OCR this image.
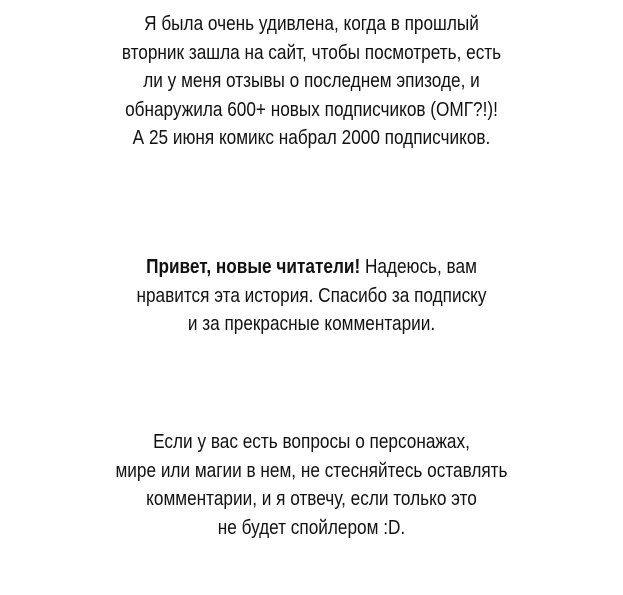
Я была очень удивлена, когда в прошлый
вторник зашла на сайт, чтобы посмотреть, есть
ли у меня отзывы о последнем эпизоде, и
обнаружила 600+ новых подписчиков (ОМГ?!)!
А 25 июня комикс набрал 2000 подписчиков.
Привет, новые читатели! Надеюсь, вам
нравится эта история. Спасибо за подписку
и за прекрасные комментарии.
Если у вас есть вопросы о персонажах,
мире или магии в нем, не стесняйтесь оставлять
комментарии, и я отвечу, если только это
не будет спойлером :D.
